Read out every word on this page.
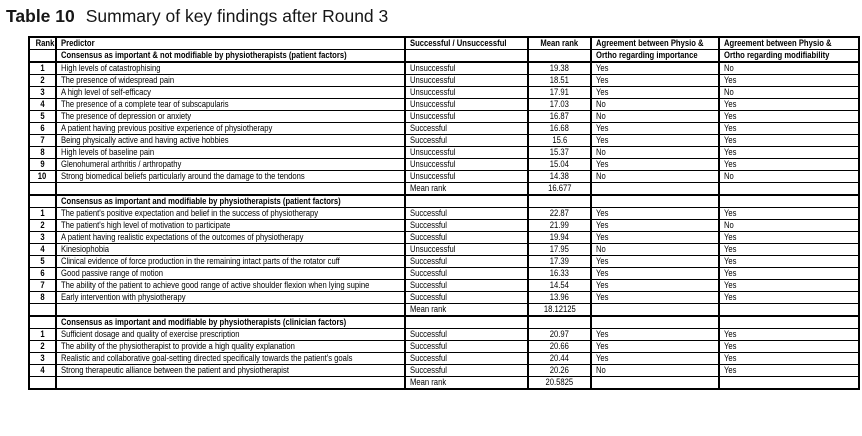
Table 10 Summary of key findings after Round 3
Rank	Predictor	Successful / Unsuccessful	Mean rank	Agreement between Physio &	Agreement between Physio &
	Consensus as important & not modifiable by physiotherapists (patient factors)			Ortho regarding importance	Ortho regarding modifiability
1	High levels of catastrophising	Unsuccessful	19.38	Yes	No
2	The presence of widespread pain	Unsuccessful	18.51	Yes	Yes
3	A high level of self-efficacy	Unsuccessful	17.91	Yes	No
4	The presence of a complete tear of subscapularis	Unsuccessful	17.03	No	Yes
5	The presence of depression or anxiety	Unsuccessful	16.87	No	Yes
6	A patient having previous positive experience of physiotherapy	Successful	16.68	Yes	Yes
7	Being physically active and having active hobbies	Successful	15.6	Yes	Yes
8	High levels of baseline pain	Unsuccessful	15.37	No	Yes
9	Glenohumeral arthritis / arthropathy	Unsuccessful	15.04	Yes	Yes
10	Strong biomedical beliefs particularly around the damage to the tendons	Unsuccessful	14.38	No	No
		Mean rank	16.677		
	Consensus as important and modifiable by physiotherapists (patient factors)				
1	The patient's positive expectation and belief in the success of physiotherapy	Successful	22.87	Yes	Yes
2	The patient's high level of motivation to participate	Successful	21.99	Yes	No
3	A patient having realistic expectations of the outcomes of physiotherapy	Successful	19.94	Yes	Yes
4	Kinesiophobia	Unsuccessful	17.95	No	Yes
5	Clinical evidence of force production in the remaining intact parts of the rotator cuff	Successful	17.39	Yes	Yes
6	Good passive range of motion	Successful	16.33	Yes	Yes
7	The ability of the patient to achieve good range of active shoulder flexion when lying supine	Successful	14.54	Yes	Yes
8	Early intervention with physiotherapy	Successful	13.96	Yes	Yes
		Mean rank	18.12125		
	Consensus as important and modifiable by physiotherapists (clinician factors)				
1	Sufficient dosage and quality of exercise prescription	Successful	20.97	Yes	Yes
2	The ability of the physiotherapist to provide a high quality explanation	Successful	20.66	Yes	Yes
3	Realistic and collaborative goal-setting directed specifically towards the patient's goals	Successful	20.44	Yes	Yes
4	Strong therapeutic alliance between the patient and physiotherapist	Successful	20.26	No	Yes
		Mean rank	20.5825		
